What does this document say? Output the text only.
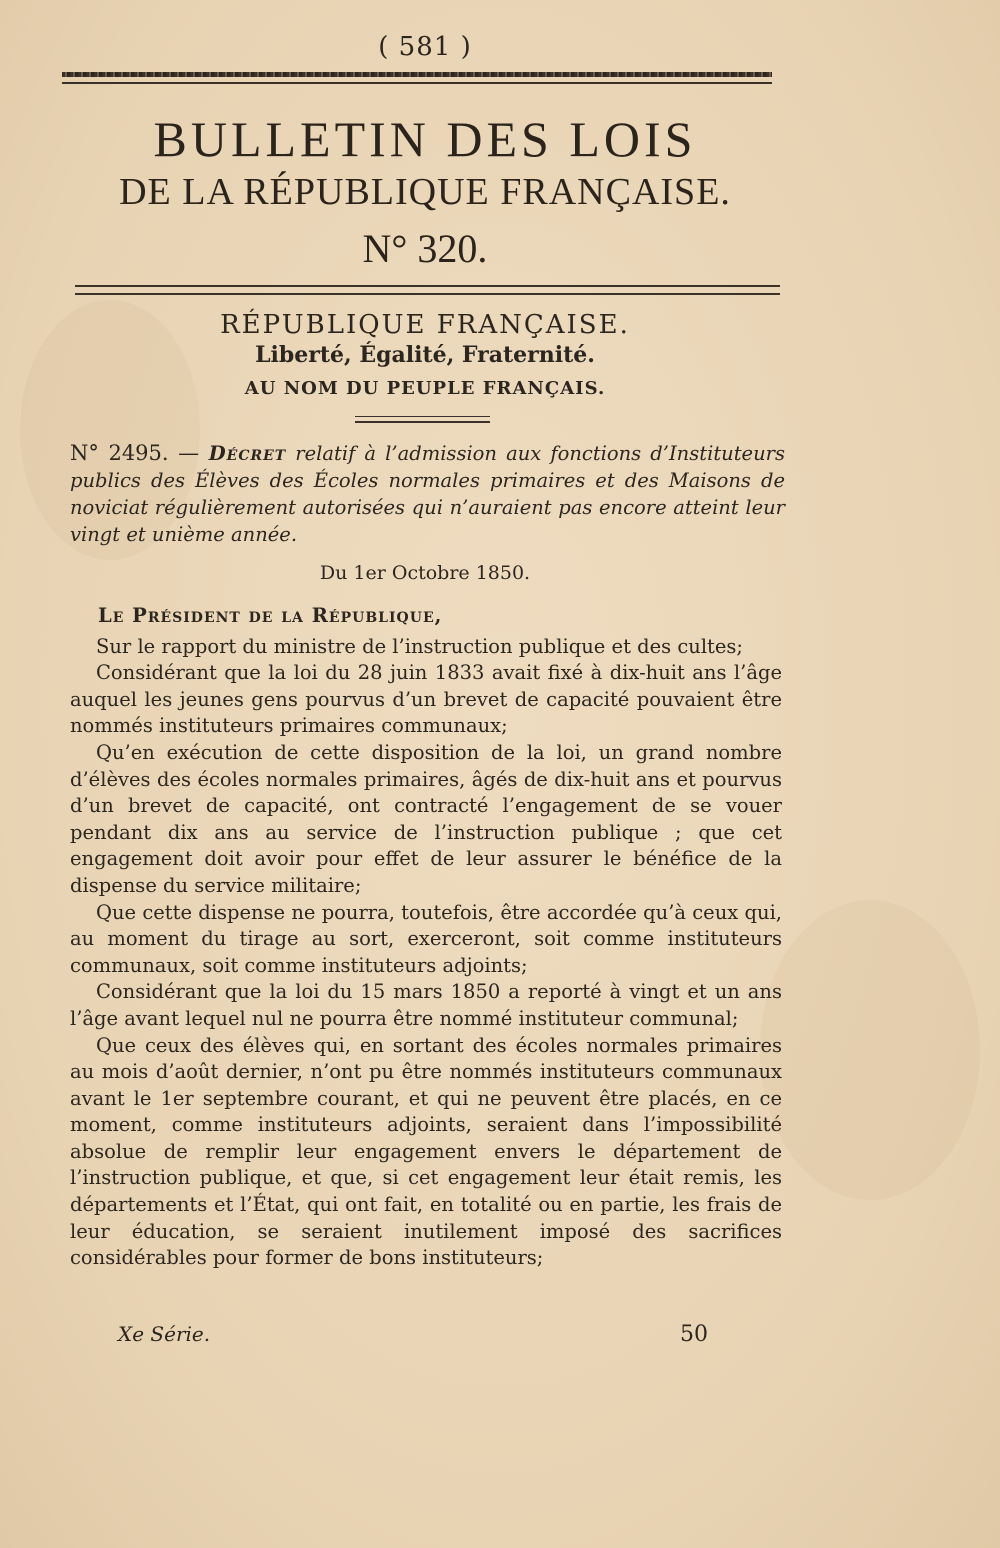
( 581 )
BULLETIN DES LOIS
DE LA RÉPUBLIQUE FRANÇAISE.
N° 320.
RÉPUBLIQUE FRANÇAISE.
Liberté, Égalité, Fraternité.
AU NOM DU PEUPLE FRANÇAIS.
N° 2495. — Décret relatif à l’admission aux fonctions d’Instituteurs publics des Élèves des Écoles normales primaires et des Maisons de noviciat régulièrement autorisées qui n’auraient pas encore atteint leur vingt et unième année.
Du 1er Octobre 1850.

Le Président de la République,

Sur le rapport du ministre de l’instruction publique et des cultes;

Considérant que la loi du 28 juin 1833 avait fixé à dix-huit ans l’âge auquel les jeunes gens pourvus d’un brevet de capacité pouvaient être nommés instituteurs primaires communaux;

Qu’en exécution de cette disposition de la loi, un grand nombre d’élèves des écoles normales primaires, âgés de dix-huit ans et pourvus d’un brevet de capacité, ont contracté l’engagement de se vouer pendant dix ans au service de l’instruction publique ; que cet engagement doit avoir pour effet de leur assurer le bénéfice de la dispense du service militaire;

Que cette dispense ne pourra, toutefois, être accordée qu’à ceux qui, au moment du tirage au sort, exerceront, soit comme instituteurs communaux, soit comme instituteurs adjoints;

Considérant que la loi du 15 mars 1850 a reporté à vingt et un ans l’âge avant lequel nul ne pourra être nommé instituteur communal;

Que ceux des élèves qui, en sortant des écoles normales primaires au mois d’août dernier, n’ont pu être nommés instituteurs communaux avant le 1er septembre courant, et qui ne peuvent être placés, en ce moment, comme instituteurs adjoints, seraient dans l’impossibilité absolue de remplir leur engagement envers le département de l’instruction publique, et que, si cet engagement leur était remis, les départements et l’État, qui ont fait, en totalité ou en partie, les frais de leur éducation, se seraient inutilement imposé des sacrifices considérables pour former de bons instituteurs;

Xe Série.	50
